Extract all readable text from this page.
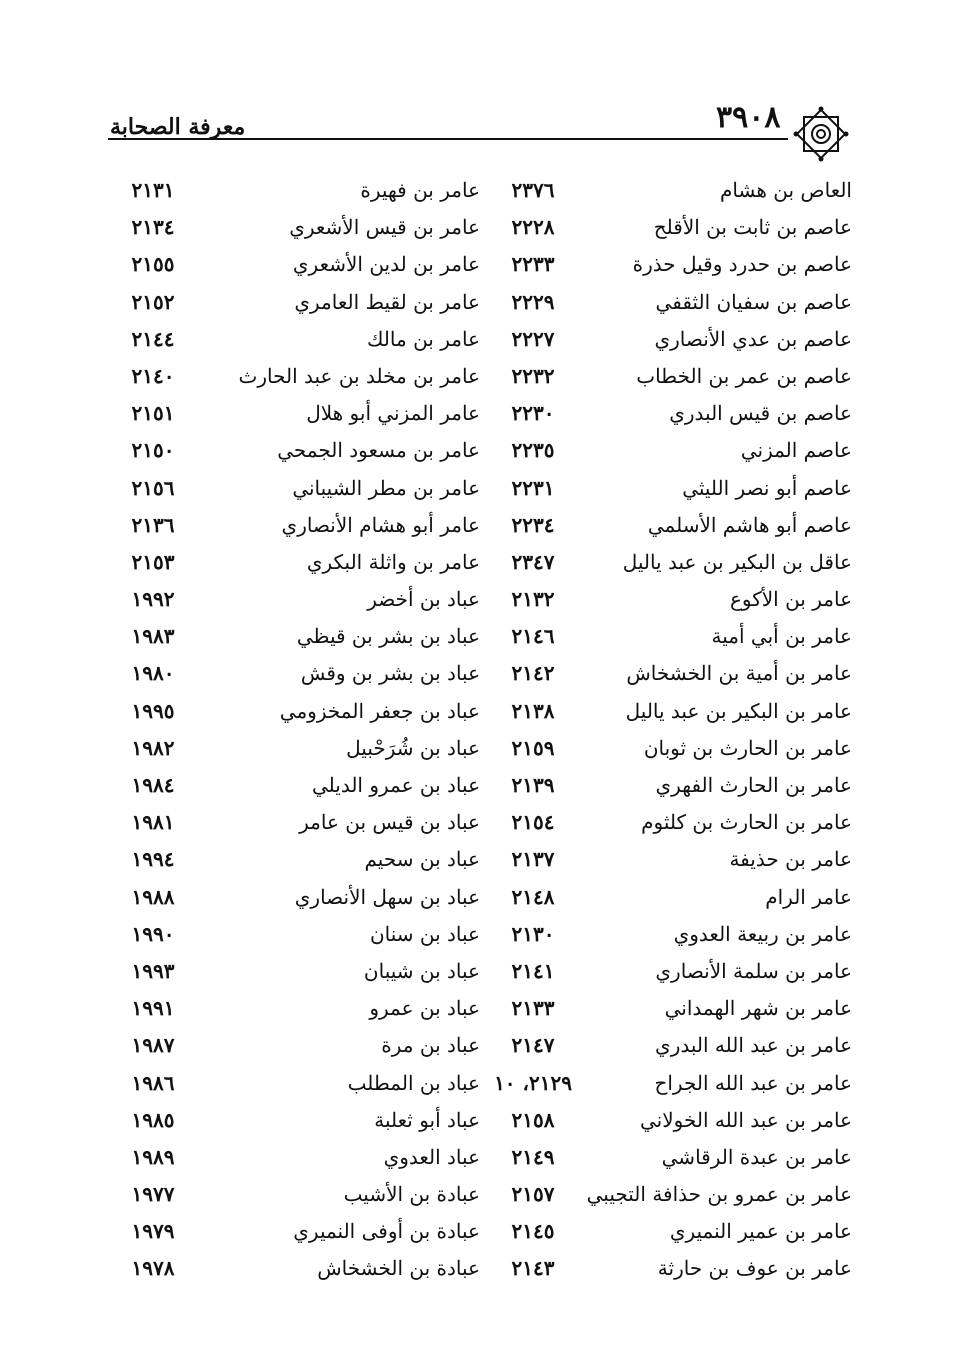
٣٩٠٨
معرفة الصحابة
العاص بن هشام
٢٣٧٦
عامر بن فهيرة
٢١٣١
عاصم بن ثابت بن الأقلح
٢٢٢٨
عامر بن قيس الأشعري
٢١٣٤
عاصم بن حدرد وقيل حذرة
٢٢٣٣
عامر بن لدين الأشعري
٢١٥٥
عاصم بن سفيان الثقفي
٢٢٢٩
عامر بن لقيط العامري
٢١٥٢
عاصم بن عدي الأنصاري
٢٢٢٧
عامر بن مالك
٢١٤٤
عاصم بن عمر بن الخطاب
٢٢٣٢
عامر بن مخلد بن عبد الحارث
٢١٤٠
عاصم بن قيس البدري
٢٢٣٠
عامر المزني أبو هلال
٢١٥١
عاصم المزني
٢٢٣٥
عامر بن مسعود الجمحي
٢١٥٠
عاصم أبو نصر الليثي
٢٢٣١
عامر بن مطر الشيباني
٢١٥٦
عاصم أبو هاشم الأسلمي
٢٢٣٤
عامر أبو هشام الأنصاري
٢١٣٦
عاقل بن البكير بن عبد ياليل
٢٣٤٧
عامر بن واثلة البكري
٢١٥٣
عامر بن الأكوع
٢١٣٢
عباد بن أخضر
١٩٩٢
عامر بن أبي أمية
٢١٤٦
عباد بن بشر بن قيظي
١٩٨٣
عامر بن أمية بن الخشخاش
٢١٤٢
عباد بن بشر بن وقش
١٩٨٠
عامر بن البكير بن عبد ياليل
٢١٣٨
عباد بن جعفر المخزومي
١٩٩٥
عامر بن الحارث بن ثوبان
٢١٥٩
عباد بن شُرَحْبيل
١٩٨٢
عامر بن الحارث الفهري
٢١٣٩
عباد بن عمرو الديلي
١٩٨٤
عامر بن الحارث بن كلثوم
٢١٥٤
عباد بن قيس بن عامر
١٩٨١
عامر بن حذيفة
٢١٣٧
عباد بن سحيم
١٩٩٤
عامر الرام
٢١٤٨
عباد بن سهل الأنصاري
١٩٨٨
عامر بن ربيعة العدوي
٢١٣٠
عباد بن سنان
١٩٩٠
عامر بن سلمة الأنصاري
٢١٤١
عباد بن شيبان
١٩٩٣
عامر بن شهر الهمداني
٢١٣٣
عباد بن عمرو
١٩٩١
عامر بن عبد الله البدري
٢١٤٧
عباد بن مرة
١٩٨٧
عامر بن عبد الله الجراح
٢١٢٩، ١٠
عباد بن المطلب
١٩٨٦
عامر بن عبد الله الخولاني
٢١٥٨
عباد أبو ثعلبة
١٩٨٥
عامر بن عبدة الرقاشي
٢١٤٩
عباد العدوي
١٩٨٩
عامر بن عمرو بن حذافة التجيبي
٢١٥٧
عبادة بن الأشيب
١٩٧٧
عامر بن عمير النميري
٢١٤٥
عبادة بن أوفى النميري
١٩٧٩
عامر بن عوف بن حارثة
٢١٤٣
عبادة بن الخشخاش
١٩٧٨
